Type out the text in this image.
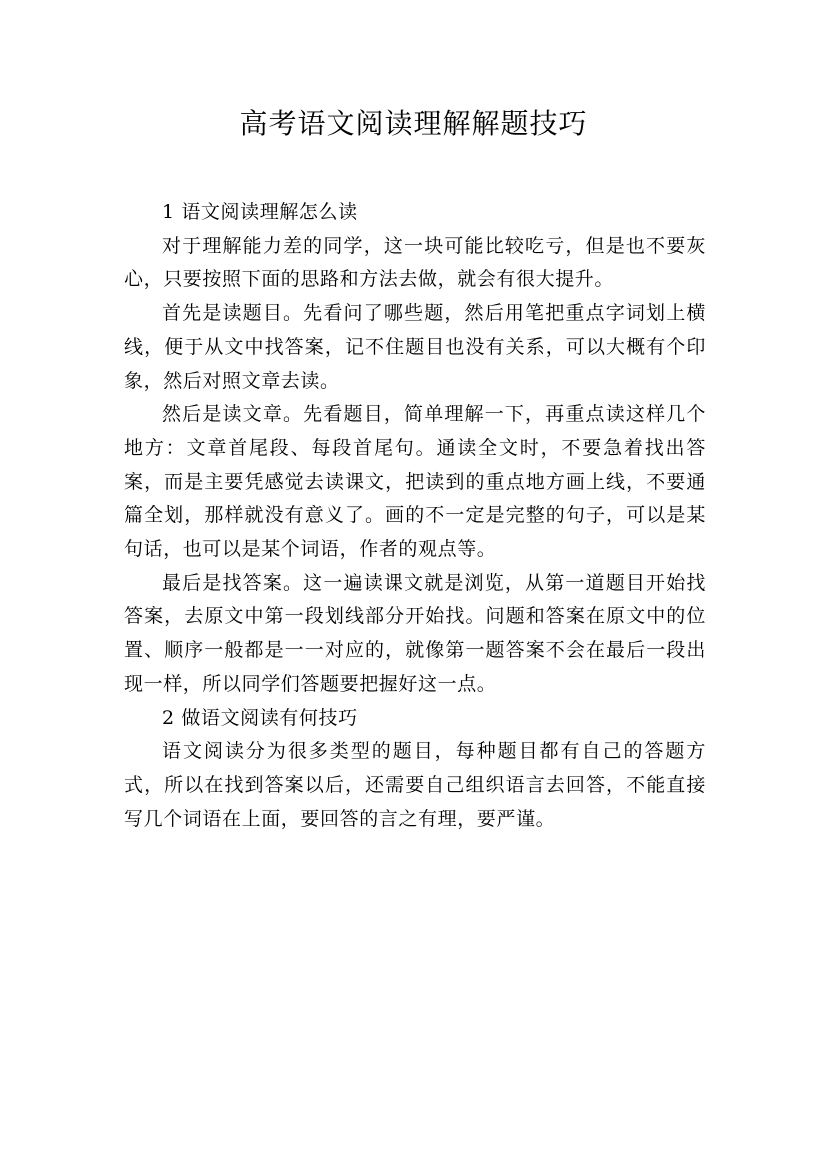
高考语文阅读理解解题技巧

1 语文阅读理解怎么读

对于理解能力差的同学，这一块可能比较吃亏，但是也不要灰心，只要按照下面的思路和方法去做，就会有很大提升。

首先是读题目。先看问了哪些题，然后用笔把重点字词划上横线，便于从文中找答案，记不住题目也没有关系，可以大概有个印象，然后对照文章去读。

然后是读文章。先看题目，简单理解一下，再重点读这样几个地方：文章首尾段、每段首尾句。通读全文时，不要急着找出答案，而是主要凭感觉去读课文，把读到的重点地方画上线，不要通篇全划，那样就没有意义了。画的不一定是完整的句子，可以是某句话，也可以是某个词语，作者的观点等。

最后是找答案。这一遍读课文就是浏览，从第一道题目开始找答案，去原文中第一段划线部分开始找。问题和答案在原文中的位置、顺序一般都是一一对应的，就像第一题答案不会在最后一段出现一样，所以同学们答题要把握好这一点。

2 做语文阅读有何技巧

语文阅读分为很多类型的题目，每种题目都有自己的答题方式，所以在找到答案以后，还需要自己组织语言去回答，不能直接写几个词语在上面，要回答的言之有理，要严谨。
